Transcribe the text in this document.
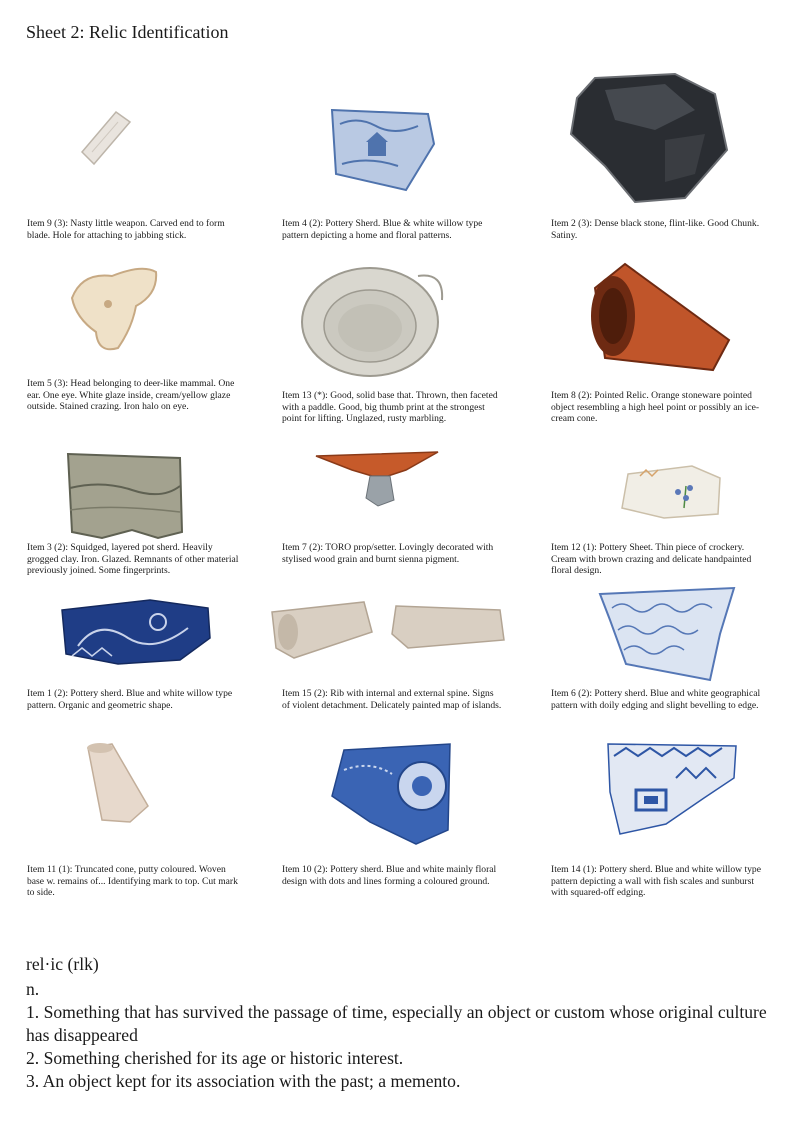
Sheet 2: Relic Identification
Item 9 (3): Nasty little weapon. Carved end to form blade. Hole for attaching to jabbing stick.
Item 4 (2): Pottery Sherd. Blue & white willow type pattern depicting a home and floral patterns.
Item 2 (3): Dense black stone, flint-like. Good Chunk. Satiny.
Item 5 (3): Head belonging to deer-like mammal. One ear. One eye. White glaze inside, cream/yellow glaze outside. Stained crazing. Iron halo on eye.
Item 13 (*): Good, solid base that. Thrown, then faceted with a paddle. Good, big thumb print at the strongest point for lifting. Unglazed, rusty marbling.
Item 8 (2): Pointed Relic. Orange stoneware pointed object resembling a high heel point or possibly an ice-cream cone.
Item 3 (2): Squidged, layered pot sherd. Heavily grogged clay. Iron. Glazed. Remnants of other material previously joined. Some fingerprints.
Item 7 (2): TORO prop/setter. Lovingly decorated with stylised wood grain and burnt sienna pigment.
Item 12 (1): Pottery Sheet. Thin piece of crockery. Cream with brown crazing and delicate handpainted floral design.
Item 1 (2): Pottery sherd. Blue and white willow type pattern. Organic and geometric shape.
Item 15 (2): Rib with internal and external spine. Signs of violent detachment. Delicately painted map of islands.
Item 6 (2): Pottery sherd. Blue and white geographical pattern with doily edging and slight bevelling to edge.
Item 11 (1): Truncated cone, putty coloured. Woven base w. remains of... Identifying mark to top. Cut mark to side.
Item 10 (2): Pottery sherd. Blue and white mainly floral design with dots and lines forming a coloured ground.
Item 14 (1): Pottery sherd. Blue and white willow type pattern depicting a wall with fish scales and sunburst with squared-off edging.
rel·ic (rlk)
n.
1. Something that has survived the passage of time, especially an object or custom whose original culture has disappeared
2. Something cherished for its age or historic interest.
3. An object kept for its association with the past; a memento.
